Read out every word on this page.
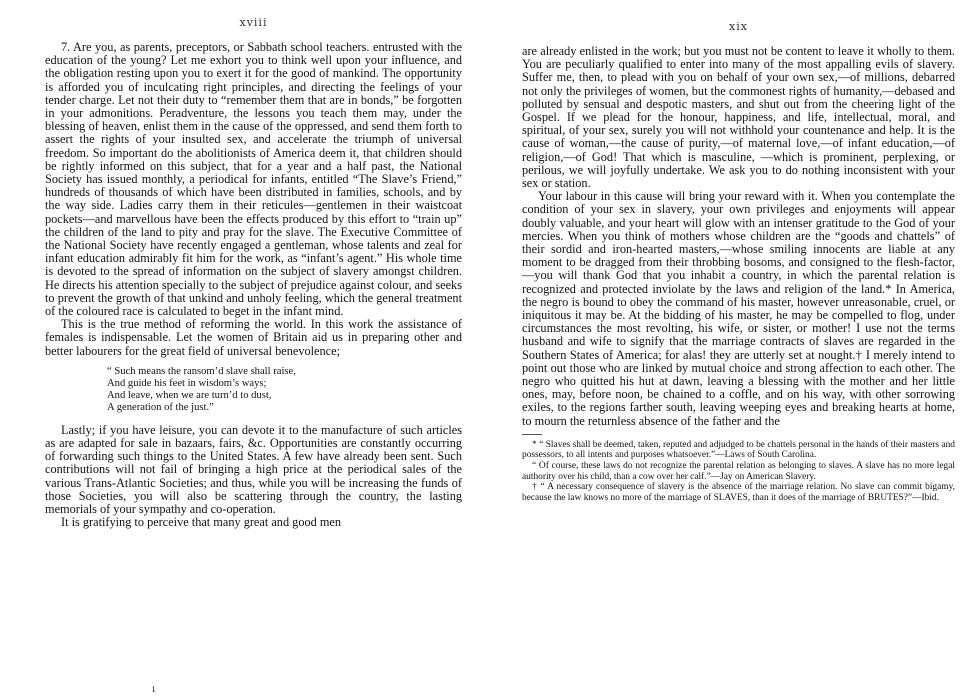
xviii

7. Are you, as parents, preceptors, or Sabbath school teachers. entrusted with the education of the young? Let me exhort you to think well upon your influence, and the obligation resting upon you to exert it for the good of mankind. The opportunity is afforded you of inculcating right principles, and directing the feelings of your tender charge. Let not their duty to “remember them that are in bonds,” be forgotten in your admonitions. Peradventure, the lessons you teach them may, under the blessing of heaven, enlist them in the cause of the oppressed, and send them forth to assert the rights of your insulted sex, and accelerate the triumph of universal freedom. So important do the abolitionists of America deem it, that children should be rightly informed on this subject, that for a year and a half past, the National Society has issued monthly, a periodical for infants, entitled “The Slave’s Friend,” hundreds of thousands of which have been distributed in families, schools, and by the way side. Ladies carry them in their reticules—gentlemen in their waistcoat pockets—and marvellous have been the effects produced by this effort to “train up” the children of the land to pity and pray for the slave. The Executive Committee of the National Society have recently engaged a gentleman, whose talents and zeal for infant education admirably fit him for the work, as “infant’s agent.” His whole time is devoted to the spread of information on the subject of slavery amongst children. He directs his attention specially to the subject of prejudice against colour, and seeks to prevent the growth of that unkind and unholy feeling, which the general treatment of the coloured race is calculated to beget in the infant mind.

This is the true method of reforming the world. In this work the assistance of females is indispensable. Let the women of Britain aid us in preparing other and better labourers for the great field of universal benevolence;

“ Such means the ransom’d slave shall raise,
And guide his feet in wisdom’s ways;
And leave, when we are turn’d to dust,
A generation of the just.”

Lastly; if you have leisure, you can devote it to the manufacture of such articles as are adapted for sale in bazaars, fairs, &c. Opportunities are constantly occurring of forwarding such things to the United States. A few have already been sent. Such contributions will not fail of bringing a high price at the periodical sales of the various Trans-Atlantic Societies; and thus, while you will be increasing the funds of those Societies, you will also be scattering through the country, the lasting memorials of your sympathy and co-operation.

It is gratifying to perceive that many great and good men

ı
xix

are already enlisted in the work; but you must not be content to leave it wholly to them. You are peculiarly qualified to enter into many of the most appalling evils of slavery. Suffer me, then, to plead with you on behalf of your own sex,—of millions, debarred not only the privileges of women, but the commonest rights of humanity,—debased and polluted by sensual and despotic masters, and shut out from the cheering light of the Gospel. If we plead for the honour, happiness, and life, intellectual, moral, and spiritual, of your sex, surely you will not withhold your countenance and help. It is the cause of woman,—the cause of purity,—of maternal love,—of infant education,—of religion,—of God! That which is masculine, —which is prominent, perplexing, or perilous, we will joyfully undertake. We ask you to do nothing inconsistent with your sex or station.

Your labour in this cause will bring your reward with it. When you contemplate the condition of your sex in slavery, your own privileges and enjoyments will appear doubly valuable, and your heart will glow with an intenser gratitude to the God of your mercies. When you think of mothers whose children are the “goods and chattels” of their sordid and iron-hearted masters,—whose smiling innocents are liable at any moment to be dragged from their throbbing bosoms, and consigned to the flesh-factor,—you will thank God that you inhabit a country, in which the parental relation is recognized and protected inviolate by the laws and religion of the land.* In America, the negro is bound to obey the command of his master, however unreasonable, cruel, or iniquitous it may be. At the bidding of his master, he may be compelled to flog, under circumstances the most revolting, his wife, or sister, or mother! I use not the terms husband and wife to signify that the marriage contracts of slaves are regarded in the Southern States of America; for alas! they are utterly set at nought.† I merely intend to point out those who are linked by mutual choice and strong affection to each other. The negro who quitted his hut at dawn, leaving a blessing with the mother and her little ones, may, before noon, be chained to a coffle, and on his way, with other sorrowing exiles, to the regions farther south, leaving weeping eyes and breaking hearts at home, to mourn the returnless absence of the father and the

* “ Slaves shall be deemed, taken, reputed and adjudged to be chattels personal in the hands of their masters and possessors, to all intents and purposes whatsoever.”—Laws of South Carolina.

“ Of course, these laws do not recognize the parental relation as belonging to slaves. A slave has no more legal authority over his child, than a cow over her calf.”—Jay on American Slavery.

† “ A necessary consequence of slavery is the absence of the marriage relation. No slave can commit bigamy, because the law knows no more of the marriage of SLAVES, than it does of the marriage of BRUTES?”—Ibid.
